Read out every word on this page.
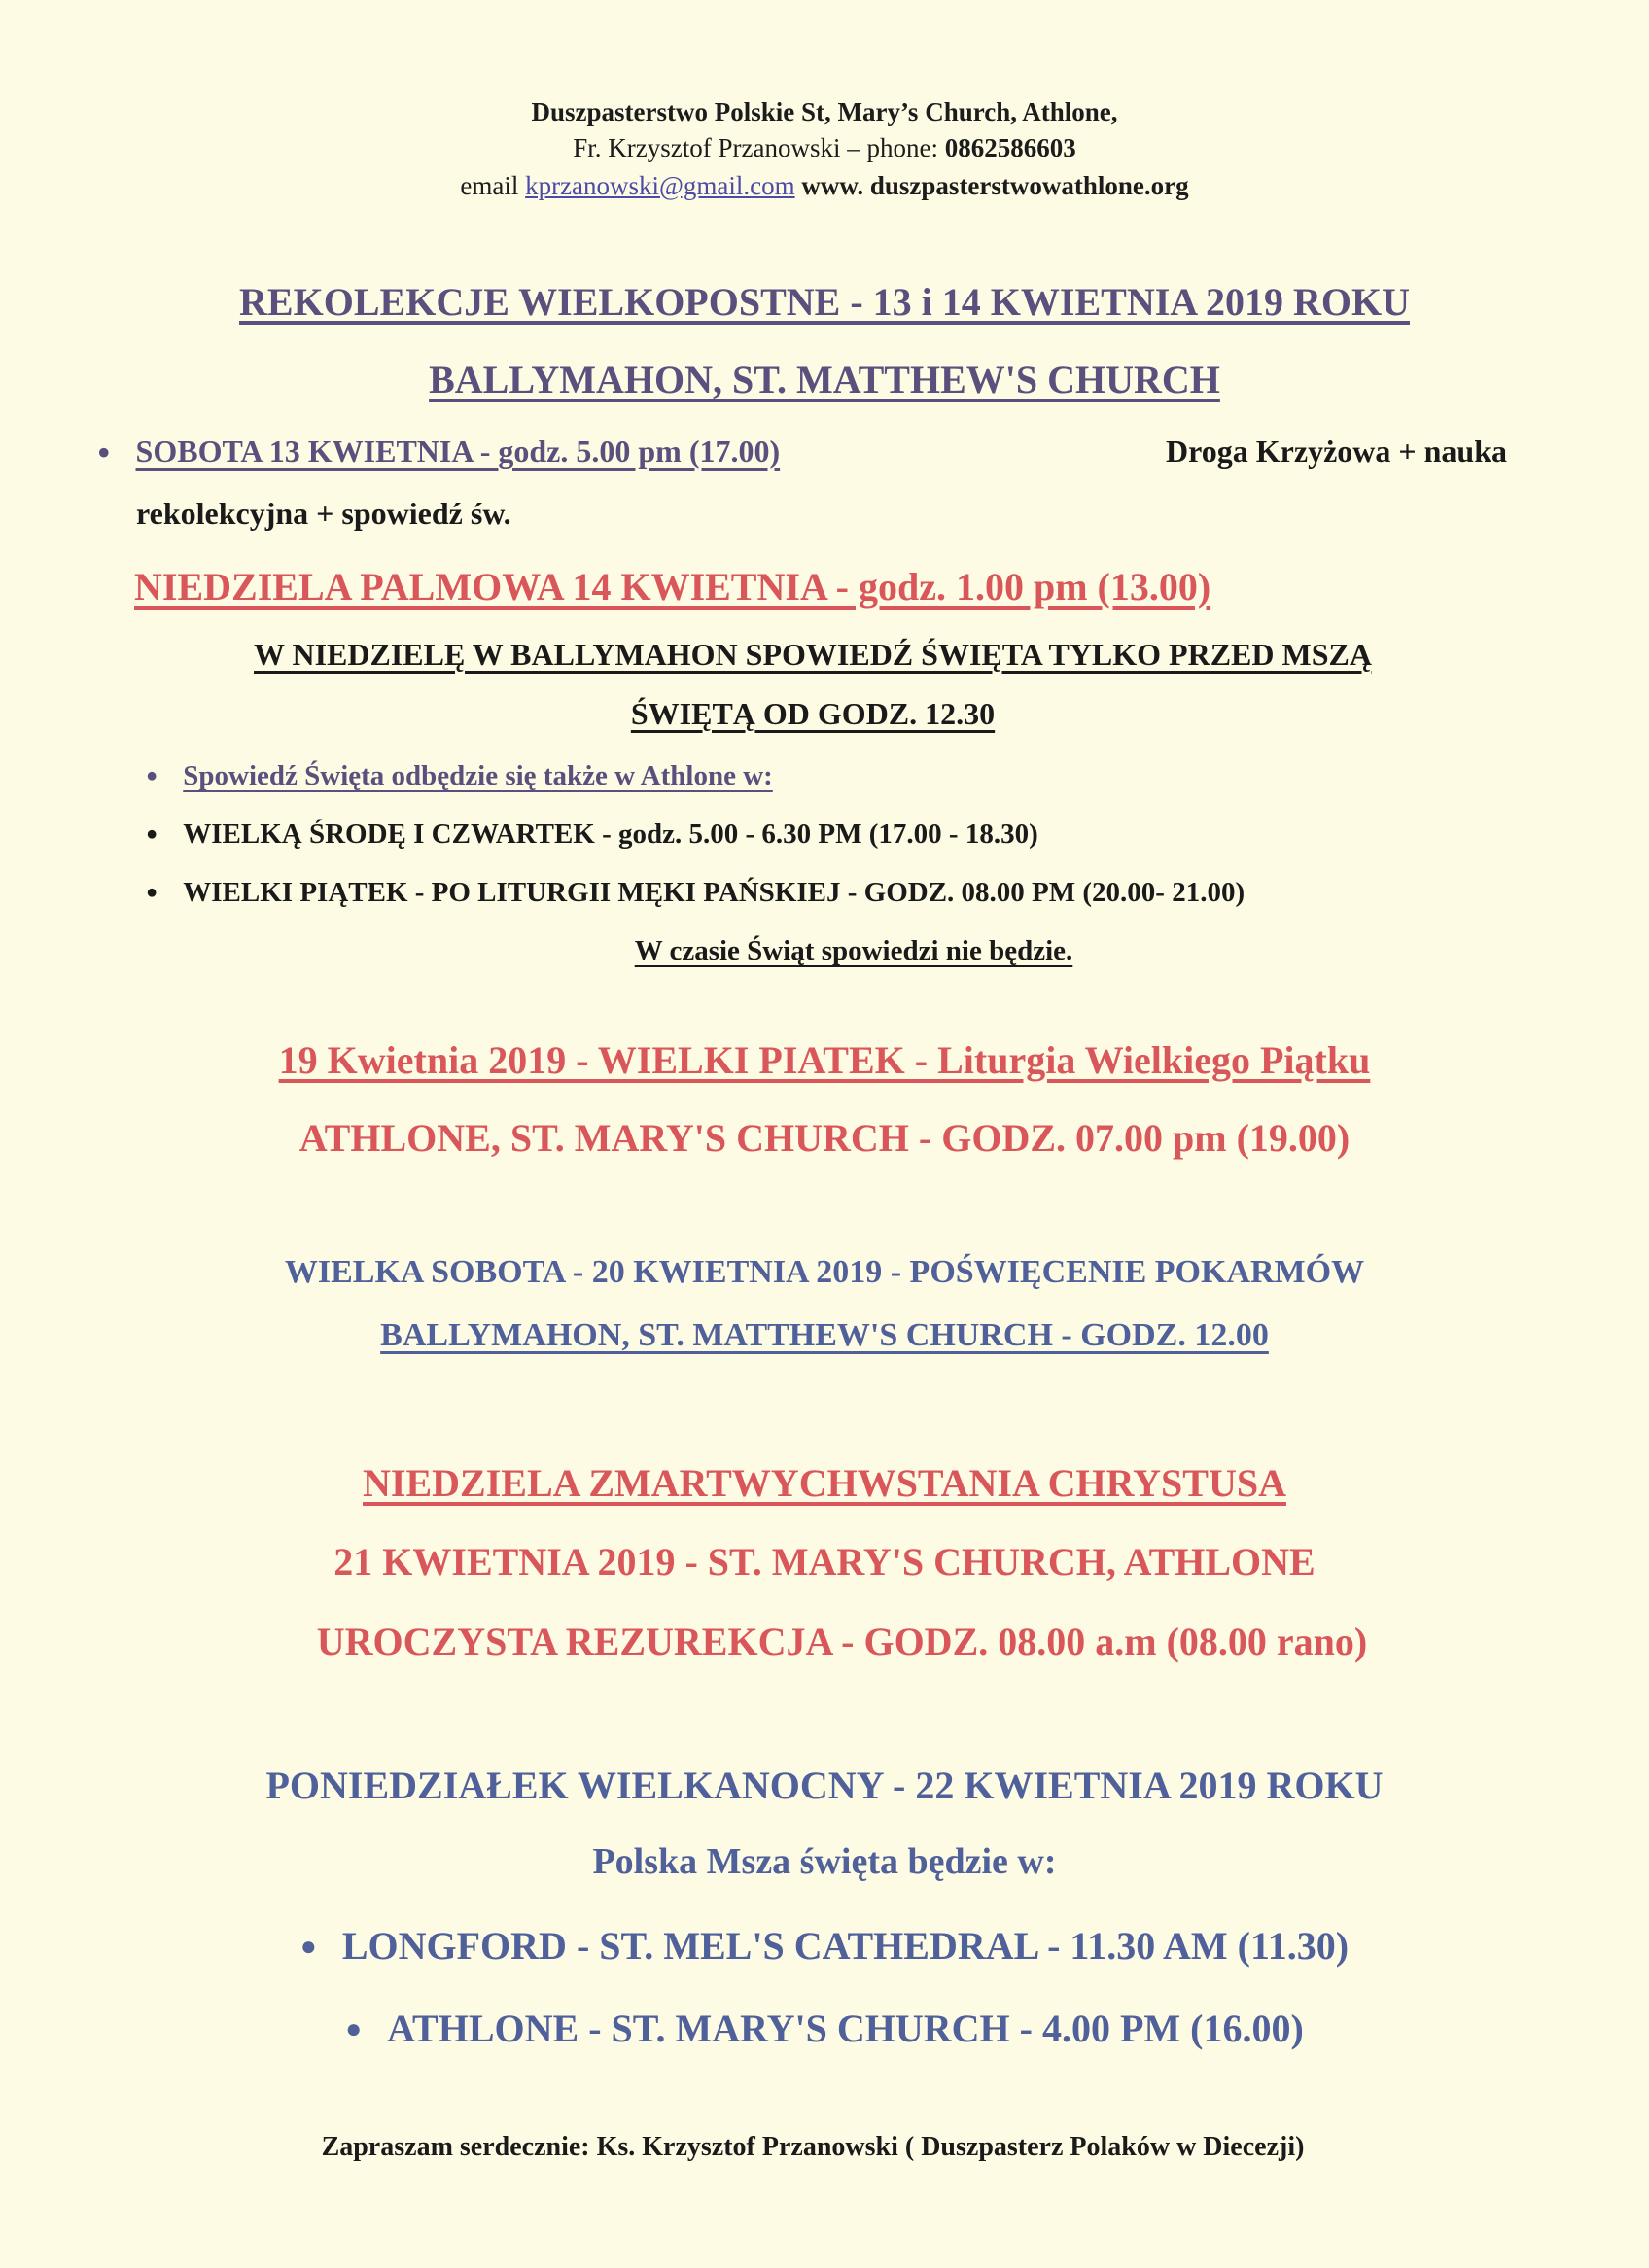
Duszpasterstwo Polskie St, Mary’s Church, Athlone,
Fr. Krzysztof Przanowski – phone: 0862586603
email kprzanowski@gmail.com www. duszpasterstwowathlone.org
REKOLEKCJE WIELKOPOSTNE - 13 i 14 KWIETNIA 2019 ROKU
BALLYMAHON, ST. MATTHEW'S CHURCH
● SOBOTA 13 KWIETNIA - godz. 5.00 pm (17.00)	Droga Krzyżowa + nauka
rekolekcyjna + spowiedź św.
NIEDZIELA PALMOWA 14 KWIETNIA - godz. 1.00 pm (13.00)
W NIEDZIELĘ W BALLYMAHON SPOWIEDŹ ŚWIĘTA TYLKO PRZED MSZĄ
ŚWIĘTĄ OD GODZ. 12.30
● Spowiedź Święta odbędzie się także w Athlone w:
● WIELKĄ ŚRODĘ I CZWARTEK - godz. 5.00 - 6.30 PM (17.00 - 18.30)
● WIELKI PIĄTEK - PO LITURGII MĘKI PAŃSKIEJ - GODZ. 08.00 PM (20.00- 21.00)
W czasie Świąt spowiedzi nie będzie.
19 Kwietnia 2019 - WIELKI PIATEK - Liturgia Wielkiego Piątku
ATHLONE, ST. MARY'S CHURCH - GODZ. 07.00 pm (19.00)
WIELKA SOBOTA - 20 KWIETNIA 2019 - POŚWIĘCENIE POKARMÓW
BALLYMAHON, ST. MATTHEW'S CHURCH - GODZ. 12.00
NIEDZIELA ZMARTWYCHWSTANIA CHRYSTUSA
21 KWIETNIA 2019 - ST. MARY'S CHURCH, ATHLONE
UROCZYSTA REZUREKCJA - GODZ. 08.00 a.m (08.00 rano)
PONIEDZIAŁEK WIELKANOCNY - 22 KWIETNIA 2019 ROKU
Polska Msza święta będzie w:
● LONGFORD - ST. MEL'S CATHEDRAL - 11.30 AM (11.30)
● ATHLONE - ST. MARY'S CHURCH - 4.00 PM (16.00)
Zapraszam serdecznie: Ks. Krzysztof Przanowski ( Duszpasterz Polaków w Diecezji)
